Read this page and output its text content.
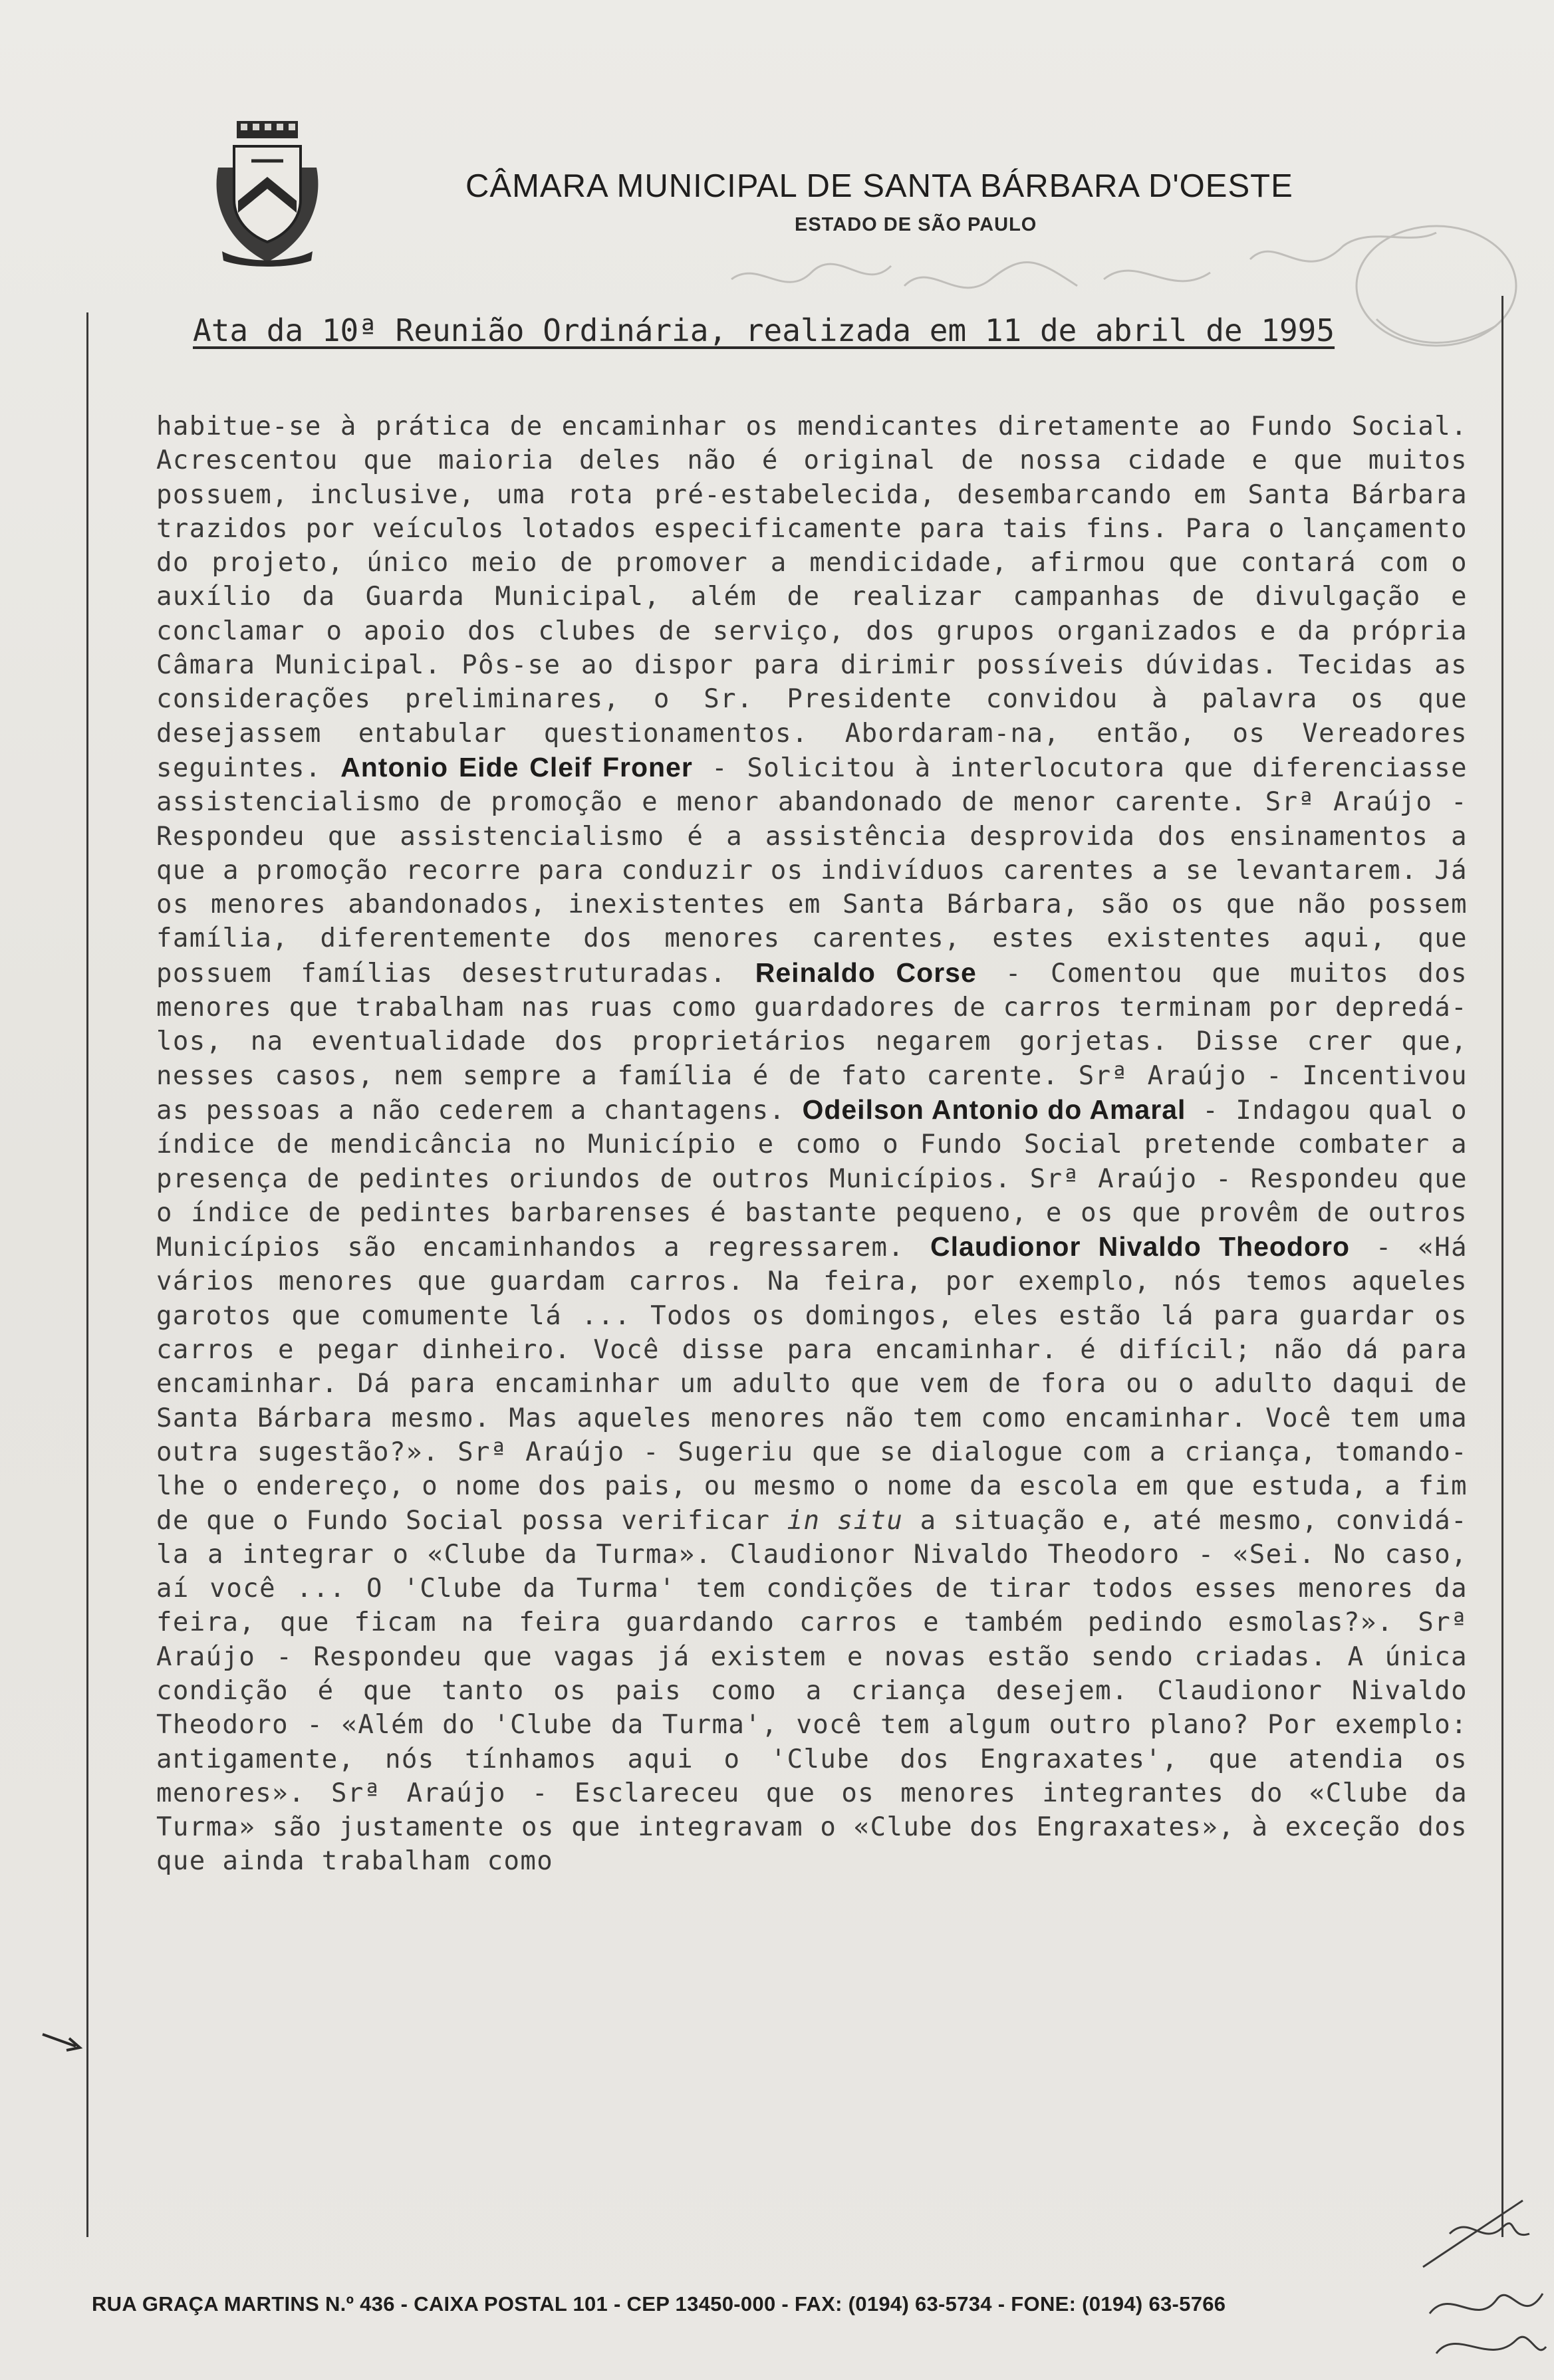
CÂMARA MUNICIPAL DE SANTA BÁRBARA D'OESTE
ESTADO DE SÃO PAULO
Ata da 10ª Reunião Ordinária, realizada em 11 de abril de 1995
habitue-se à prática de encaminhar os mendicantes diretamente ao Fundo Social. Acrescentou que maioria deles não é original de nossa cidade e que muitos possuem, inclusive, uma rota pré-estabelecida, desembarcando em Santa Bárbara trazidos por veículos lotados especificamente para tais fins. Para o lançamento do projeto, único meio de promover a mendicidade, afirmou que contará com o auxílio da Guarda Municipal, além de realizar campanhas de divulgação e conclamar o apoio dos clubes de serviço, dos grupos organizados e da própria Câmara Municipal. Pôs-se ao dispor para dirimir possíveis dúvidas. Tecidas as considerações preliminares, o Sr. Presidente convidou à palavra os que desejassem entabular questionamentos. Abordaram-na, então, os Vereadores seguintes. Antonio Eide Cleif Froner - Solicitou à interlocutora que diferenciasse assistencialismo de promoção e menor abandonado de menor carente. Srª Araújo - Respondeu que assistencialismo é a assistência desprovida dos ensinamentos a que a promoção recorre para conduzir os indivíduos carentes a se levantarem. Já os menores abandonados, inexistentes em Santa Bárbara, são os que não possem família, diferentemente dos menores carentes, estes existentes aqui, que possuem famílias desestruturadas. Reinaldo Corse - Comentou que muitos dos menores que trabalham nas ruas como guardadores de carros terminam por depredá-los, na eventualidade dos proprietários negarem gorjetas. Disse crer que, nesses casos, nem sempre a família é de fato carente. Srª Araújo - Incentivou as pessoas a não cederem a chantagens. Odeilson Antonio do Amaral - Indagou qual o índice de mendicância no Município e como o Fundo Social pretende combater a presença de pedintes oriundos de outros Municípios. Srª Araújo - Respondeu que o índice de pedintes barbarenses é bastante pequeno, e os que provêm de outros Municípios são encaminhandos a regressarem. Claudionor Nivaldo Theodoro - «Há vários menores que guardam carros. Na feira, por exemplo, nós temos aqueles garotos que comumente lá ... Todos os domingos, eles estão lá para guardar os carros e pegar dinheiro. Você disse para encaminhar. é difícil; não dá para encaminhar. Dá para encaminhar um adulto que vem de fora ou o adulto daqui de Santa Bárbara mesmo. Mas aqueles menores não tem como encaminhar. Você tem uma outra sugestão?». Srª Araújo - Sugeriu que se dialogue com a criança, tomando-lhe o endereço, o nome dos pais, ou mesmo o nome da escola em que estuda, a fim de que o Fundo Social possa verificar in situ a situação e, até mesmo, convidá-la a integrar o «Clube da Turma». Claudionor Nivaldo Theodoro - «Sei. No caso, aí você ... O 'Clube da Turma' tem condições de tirar todos esses menores da feira, que ficam na feira guardando carros e também pedindo esmolas?». Srª Araújo - Respondeu que vagas já existem e novas estão sendo criadas. A única condição é que tanto os pais como a criança desejem. Claudionor Nivaldo Theodoro - «Além do 'Clube da Turma', você tem algum outro plano? Por exemplo: antigamente, nós tínhamos aqui o 'Clube dos Engraxates', que atendia os menores». Srª Araújo - Esclareceu que os menores integrantes do «Clube da Turma» são justamente os que integravam o «Clube dos Engraxates», à exceção dos que ainda trabalham como
RUA GRAÇA MARTINS N.º 436 - CAIXA POSTAL 101 - CEP 13450-000 - FAX: (0194) 63-5734 - FONE: (0194) 63-5766
